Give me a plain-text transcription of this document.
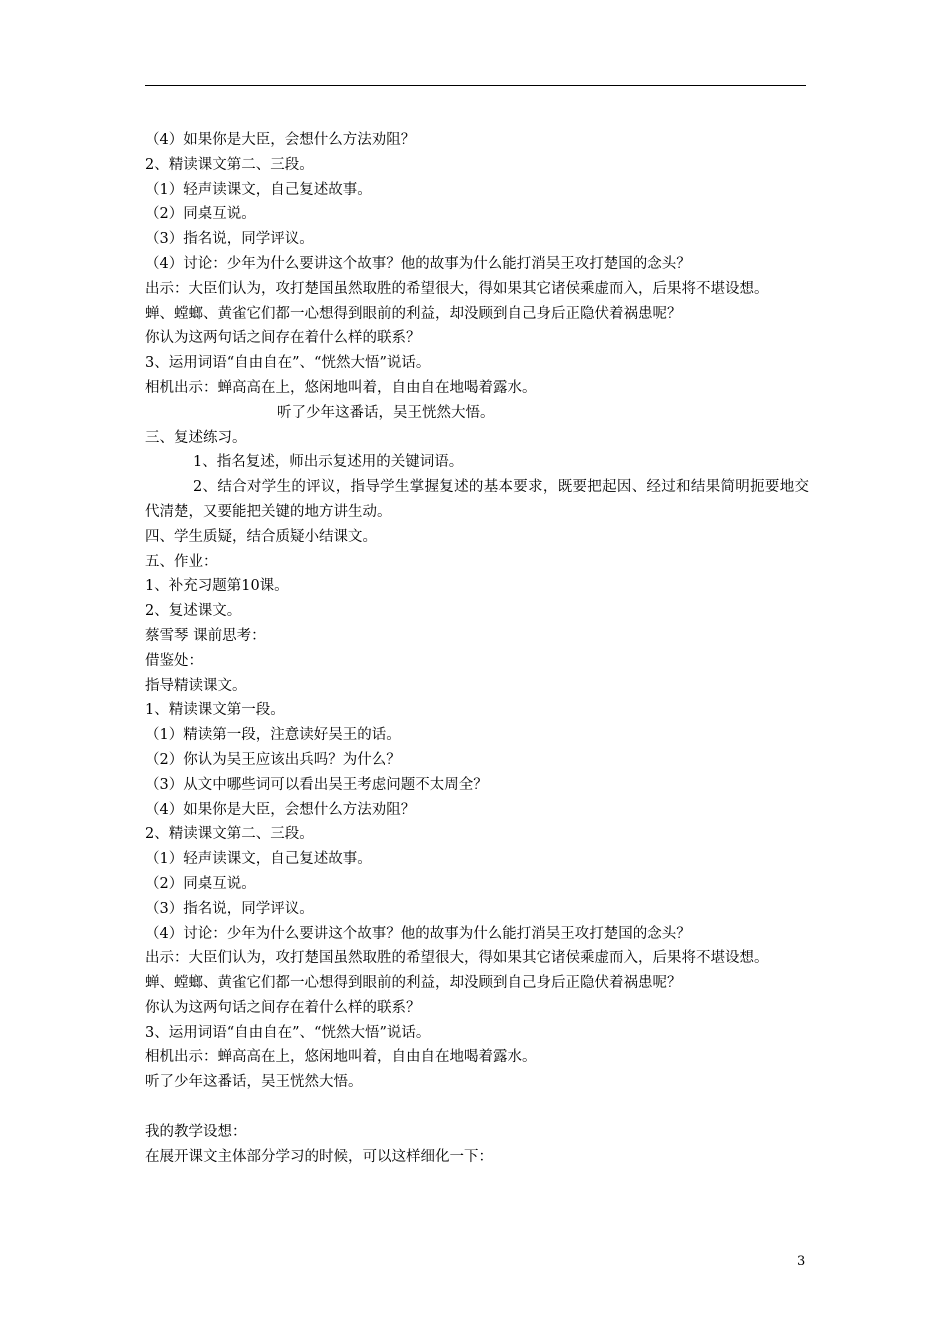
（4）如果你是大臣，会想什么方法劝阻？

2、精读课文第二、三段。

（1）轻声读课文，自己复述故事。

（2）同桌互说。

（3）指名说，同学评议。

（4）讨论：少年为什么要讲这个故事？他的故事为什么能打消吴王攻打楚国的念头？

出示：大臣们认为，攻打楚国虽然取胜的希望很大，得如果其它诸侯乘虚而入，后果将不堪设想。

蝉、螳螂、黄雀它们都一心想得到眼前的利益，却没顾到自己身后正隐伏着祸患呢？

你认为这两句话之间存在着什么样的联系？

3、运用词语“自由自在”、“恍然大悟”说话。

相机出示：蝉高高在上，悠闲地叫着，自由自在地喝着露水。

听了少年这番话，吴王恍然大悟。

三、复述练习。

1、指名复述，师出示复述用的关键词语。

2、结合对学生的评议，指导学生掌握复述的基本要求，既要把起因、经过和结果简明扼要地交代清楚，又要能把关键的地方讲生动。

四、学生质疑，结合质疑小结课文。

五、作业：

1、补充习题第10课。

2、复述课文。

蔡雪琴 课前思考：

借鉴处：

指导精读课文。

1、精读课文第一段。

（1）精读第一段，注意读好吴王的话。

（2）你认为吴王应该出兵吗？为什么？

（3）从文中哪些词可以看出吴王考虑问题不太周全？

（4）如果你是大臣，会想什么方法劝阻？

2、精读课文第二、三段。

（1）轻声读课文，自己复述故事。

（2）同桌互说。

（3）指名说，同学评议。

（4）讨论：少年为什么要讲这个故事？他的故事为什么能打消吴王攻打楚国的念头？

出示：大臣们认为，攻打楚国虽然取胜的希望很大，得如果其它诸侯乘虚而入，后果将不堪设想。

蝉、螳螂、黄雀它们都一心想得到眼前的利益，却没顾到自己身后正隐伏着祸患呢？

你认为这两句话之间存在着什么样的联系？

3、运用词语“自由自在”、“恍然大悟”说话。

相机出示：蝉高高在上，悠闲地叫着，自由自在地喝着露水。

听了少年这番话，吴王恍然大悟。

我的教学设想：

在展开课文主体部分学习的时候，可以这样细化一下：

3
